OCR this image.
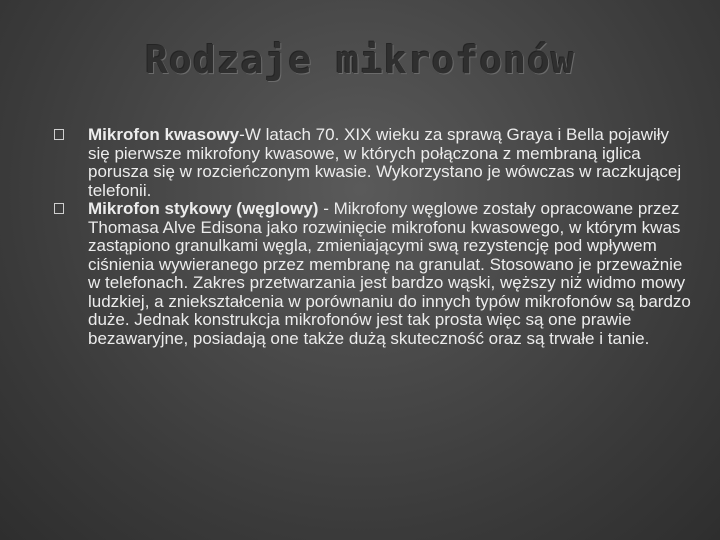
Rodzaje mikrofonów
Mikrofon kwasowy-W latach 70. XIX wieku za sprawą Graya i Bella pojawiły się pierwsze mikrofony kwasowe, w których połączona z membraną iglica porusza się w rozcieńczonym kwasie. Wykorzystano je wówczas w raczkującej telefonii.
Mikrofon stykowy (węglowy) - Mikrofony węglowe zostały opracowane przez Thomasa Alve Edisona jako rozwinięcie mikrofonu kwasowego, w którym kwas zastąpiono granulkami węgla, zmieniającymi swą rezystencję pod wpływem ciśnienia wywieranego przez membranę na granulat. Stosowano je przeważnie w telefonach. Zakres przetwarzania jest bardzo wąski, węższy niż widmo mowy ludzkiej, a zniekształcenia w porównaniu do innych typów mikrofonów są bardzo duże. Jednak konstrukcja mikrofonów jest tak prosta więc są one prawie bezawaryjne, posiadają one także dużą skuteczność oraz są trwałe i tanie.
